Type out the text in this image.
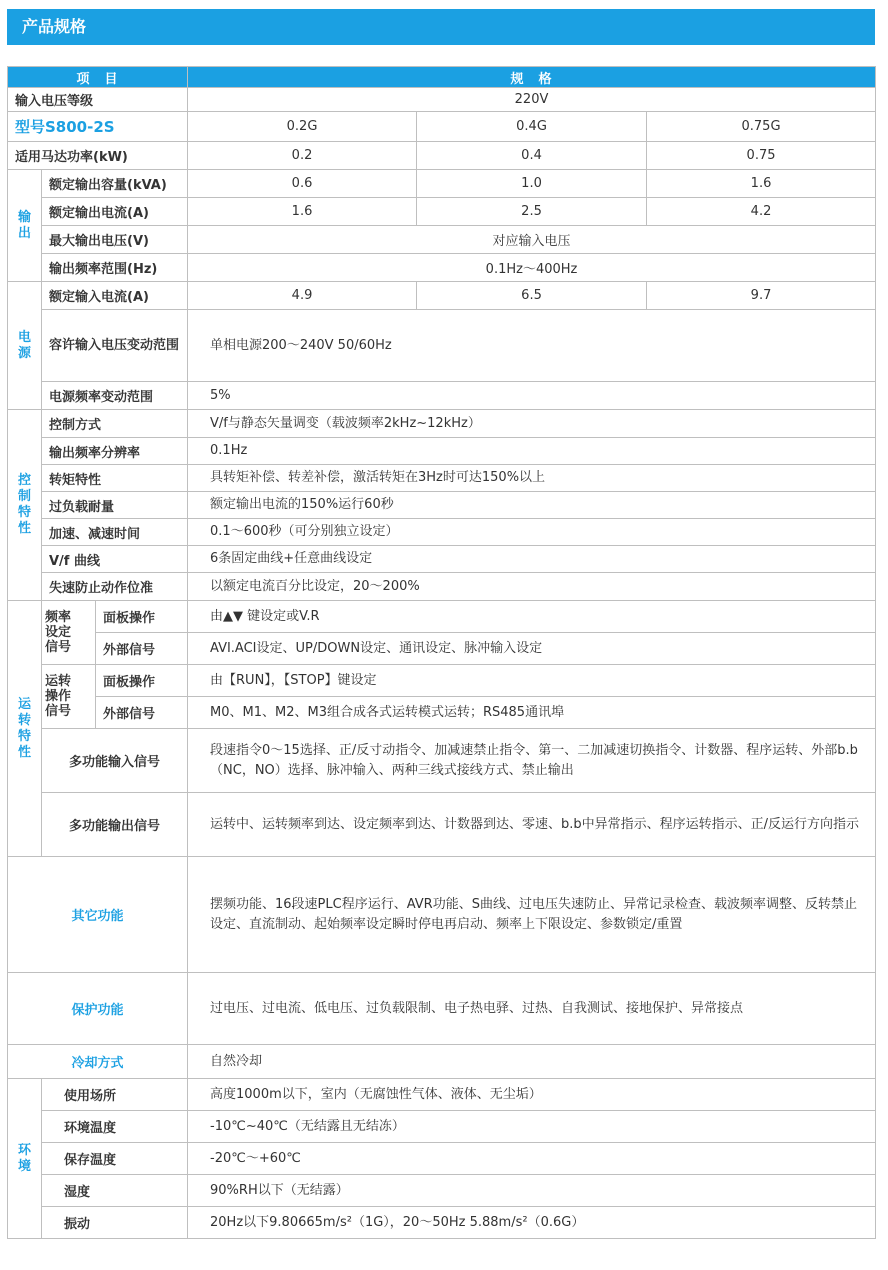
产品规格
项　目			规　格		
输入电压等级			220V		
型号S800-2S			0.2G	0.4G	0.75G
适用马达功率(kW)			0.2	0.4	0.75

输
出	额定输出容量(kVA)		0.6	1.0	1.6
	额定输出电流(A)		1.6	2.5	4.2
	最大输出电压(V)		对应输入电压		
	输出频率范围(Hz)		0.1Hz～400Hz		

电
源	额定输入电流(A)		4.9	6.5	9.7
	容许输入电压变动范围		单相电源200～240V 50/60Hz		
	电源频率变动范围		5%		

控
制
特
性	控制方式		V/f与静态矢量调变（载波频率2kHz~12kHz）		
	输出频率分辨率		0.1Hz		
	转矩特性		具转矩补偿、转差补偿，激活转矩在3Hz时可达150%以上		
	过负载耐量		额定输出电流的150%运行60秒		
	加速、减速时间		0.1～600秒（可分别独立设定）		
	V/f 曲线		6条固定曲线+任意曲线设定		
	失速防止动作位准		以额定电流百分比设定，20～200%		

运
转
特
性	频率
设定
信号	面板操作	由▲▼ 键设定或V.R		
		外部信号	AVI.ACI设定、UP/DOWN设定、通讯设定、脉冲输入设定		

	运转
操作
信号	面板操作	由【RUN】，【STOP】键设定		
		外部信号	M0、M1、M2、M3组合成各式运转模式运转；RS485通讯埠		
	多功能输入信号		段速指令0～15选择、正/反寸动指令、加减速禁止指令、第一、二加减速切换指令、计数器、程序运转、外部b.b（NC，NO）选择、脉冲输入、两种三线式接线方式、禁止输出		
	多功能输出信号		运转中、运转频率到达、设定频率到达、计数器到达、零速、b.b中异常指示、程序运转指示、正/反运行方向指示		
其它功能			摆频功能、16段速PLC程序运行、AVR功能、S曲线、过电压失速防止、异常记录检查、载波频率调整、反转禁止设定、直流制动、起始频率设定瞬时停电再启动、频率上下限设定、参数锁定/重置		
保护功能			过电压、过电流、低电压、过负载限制、电子热电驿、过热、自我测试、接地保护、异常接点		
冷却方式			自然冷却		

环
境	使用场所		高度1000m以下，室内（无腐蚀性气体、液体、无尘垢）		
	环境温度		-10℃~40℃（无结露且无结冻）		
	保存温度		-20℃～+60℃		
	湿度		90%RH以下（无结露）		
	振动		20Hz以下9.80665m/s²（1G），20～50Hz 5.88m/s²（0.6G）		
